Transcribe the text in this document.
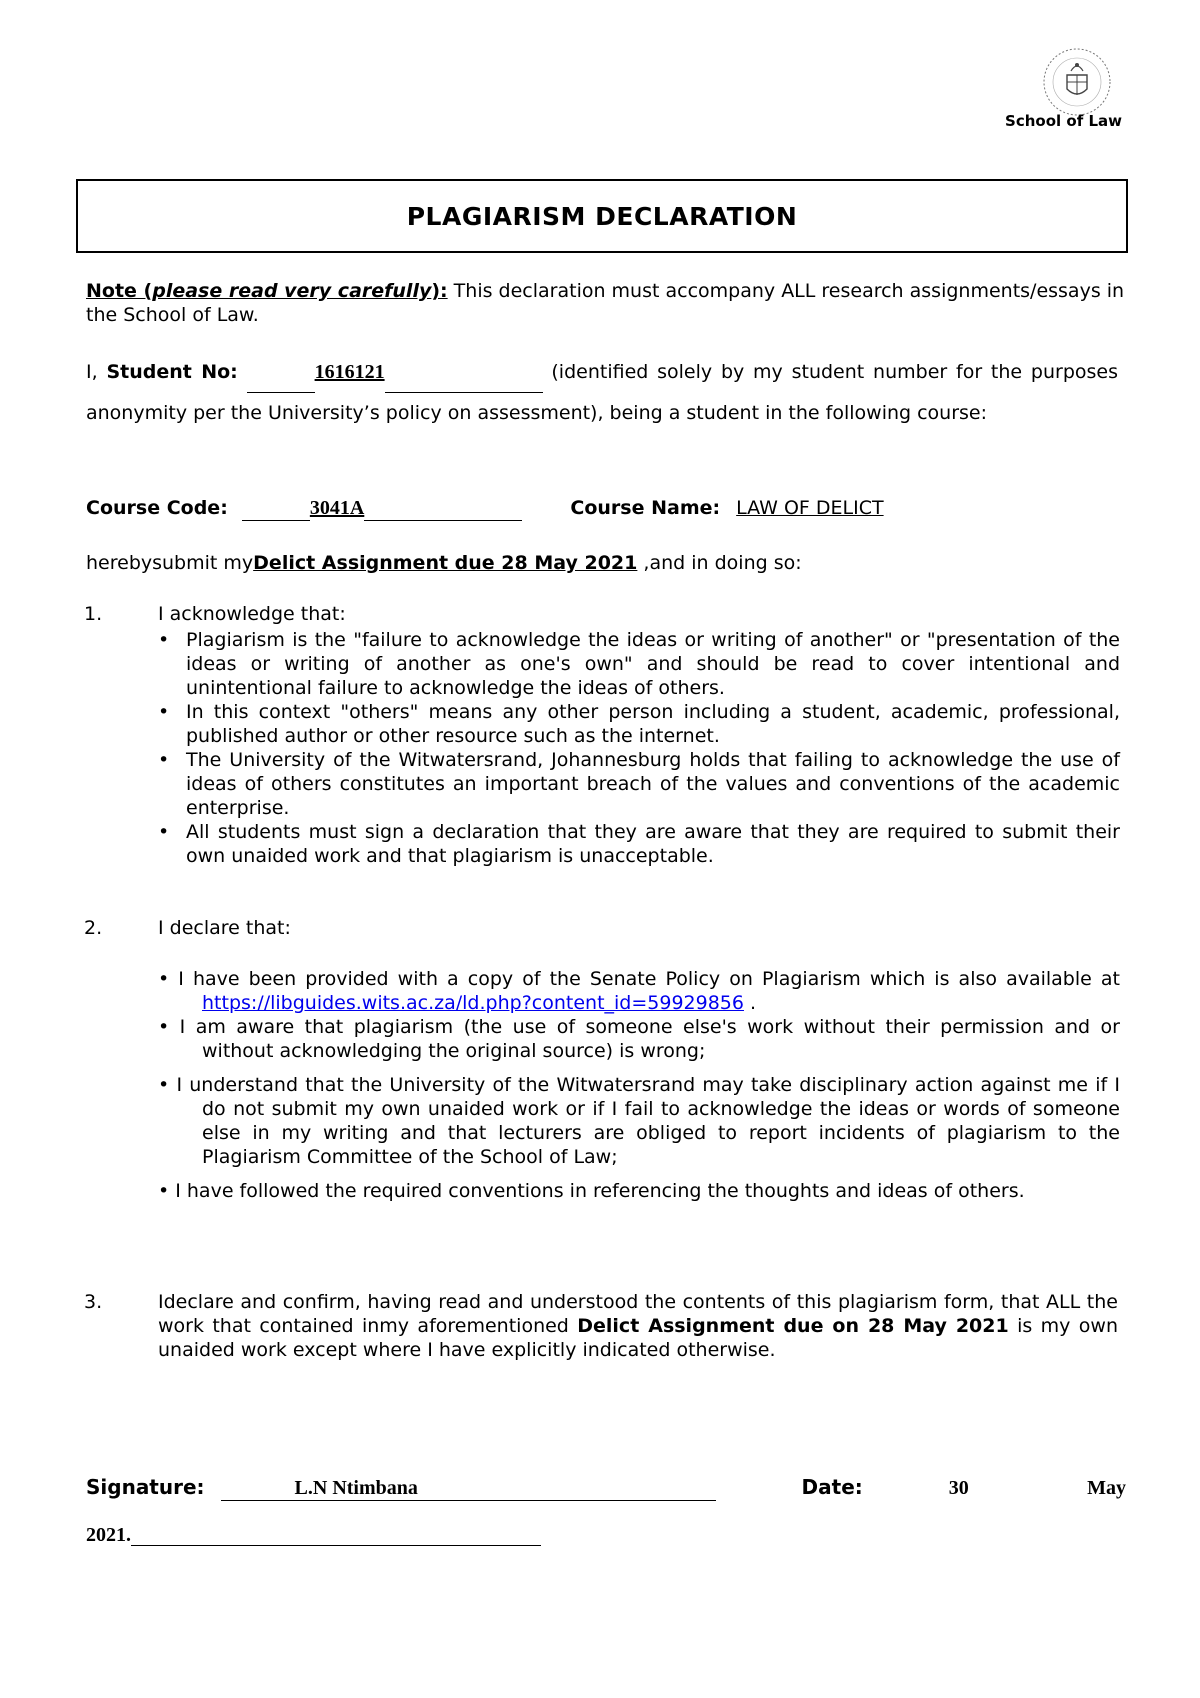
School of Law
PLAGIARISM DECLARATION
Note (please read very carefully): This declaration must accompany ALL research assignments/essays in the School of Law.
I, Student No:	1616121	(identified solely by my student number for the purposes anonymity per the University’s policy on assessment), being a student in the following course:
Course Code:	3041A	Course Name: LAW OF DELICT
herebysubmit myDelict Assignment due 28 May 2021 ,and in doing so:
1.	I acknowledge that:

• Plagiarism is the "failure to acknowledge the ideas or writing of another" or "presentation of the ideas or writing of another as one's own" and should be read to cover intentional and unintentional failure to acknowledge the ideas of others.

• In this context "others" means any other person including a student, academic, professional, published author or other resource such as the internet.

• The University of the Witwatersrand, Johannesburg holds that failing to acknowledge the use of ideas of others constitutes an important breach of the values and conventions of the academic enterprise.

• All students must sign a declaration that they are aware that they are required to submit their own unaided work and that plagiarism is unacceptable.

2.	I declare that:

• I have been provided with a copy of the Senate Policy on Plagiarism which is also available at https://libguides.wits.ac.za/ld.php?content_id=59929856 .

• I am aware that plagiarism (the use of someone else's work without their permission and or without acknowledging the original source) is wrong;

• I understand that the University of the Witwatersrand may take disciplinary action against me if I do not submit my own unaided work or if I fail to acknowledge the ideas or words of someone else in my writing and that lecturers are obliged to report incidents of plagiarism to the Plagiarism Committee of the School of Law;

• I have followed the required conventions in referencing the thoughts and ideas of others.

3.	Ideclare and confirm, having read and understood the contents of this plagiarism form, that ALL the work that contained inmy aforementioned Delict Assignment due on 28 May 2021 is my own unaided work except where I have explicitly indicated otherwise.
Signature:	L.N Ntimbana	Date:	30	May
2021.
